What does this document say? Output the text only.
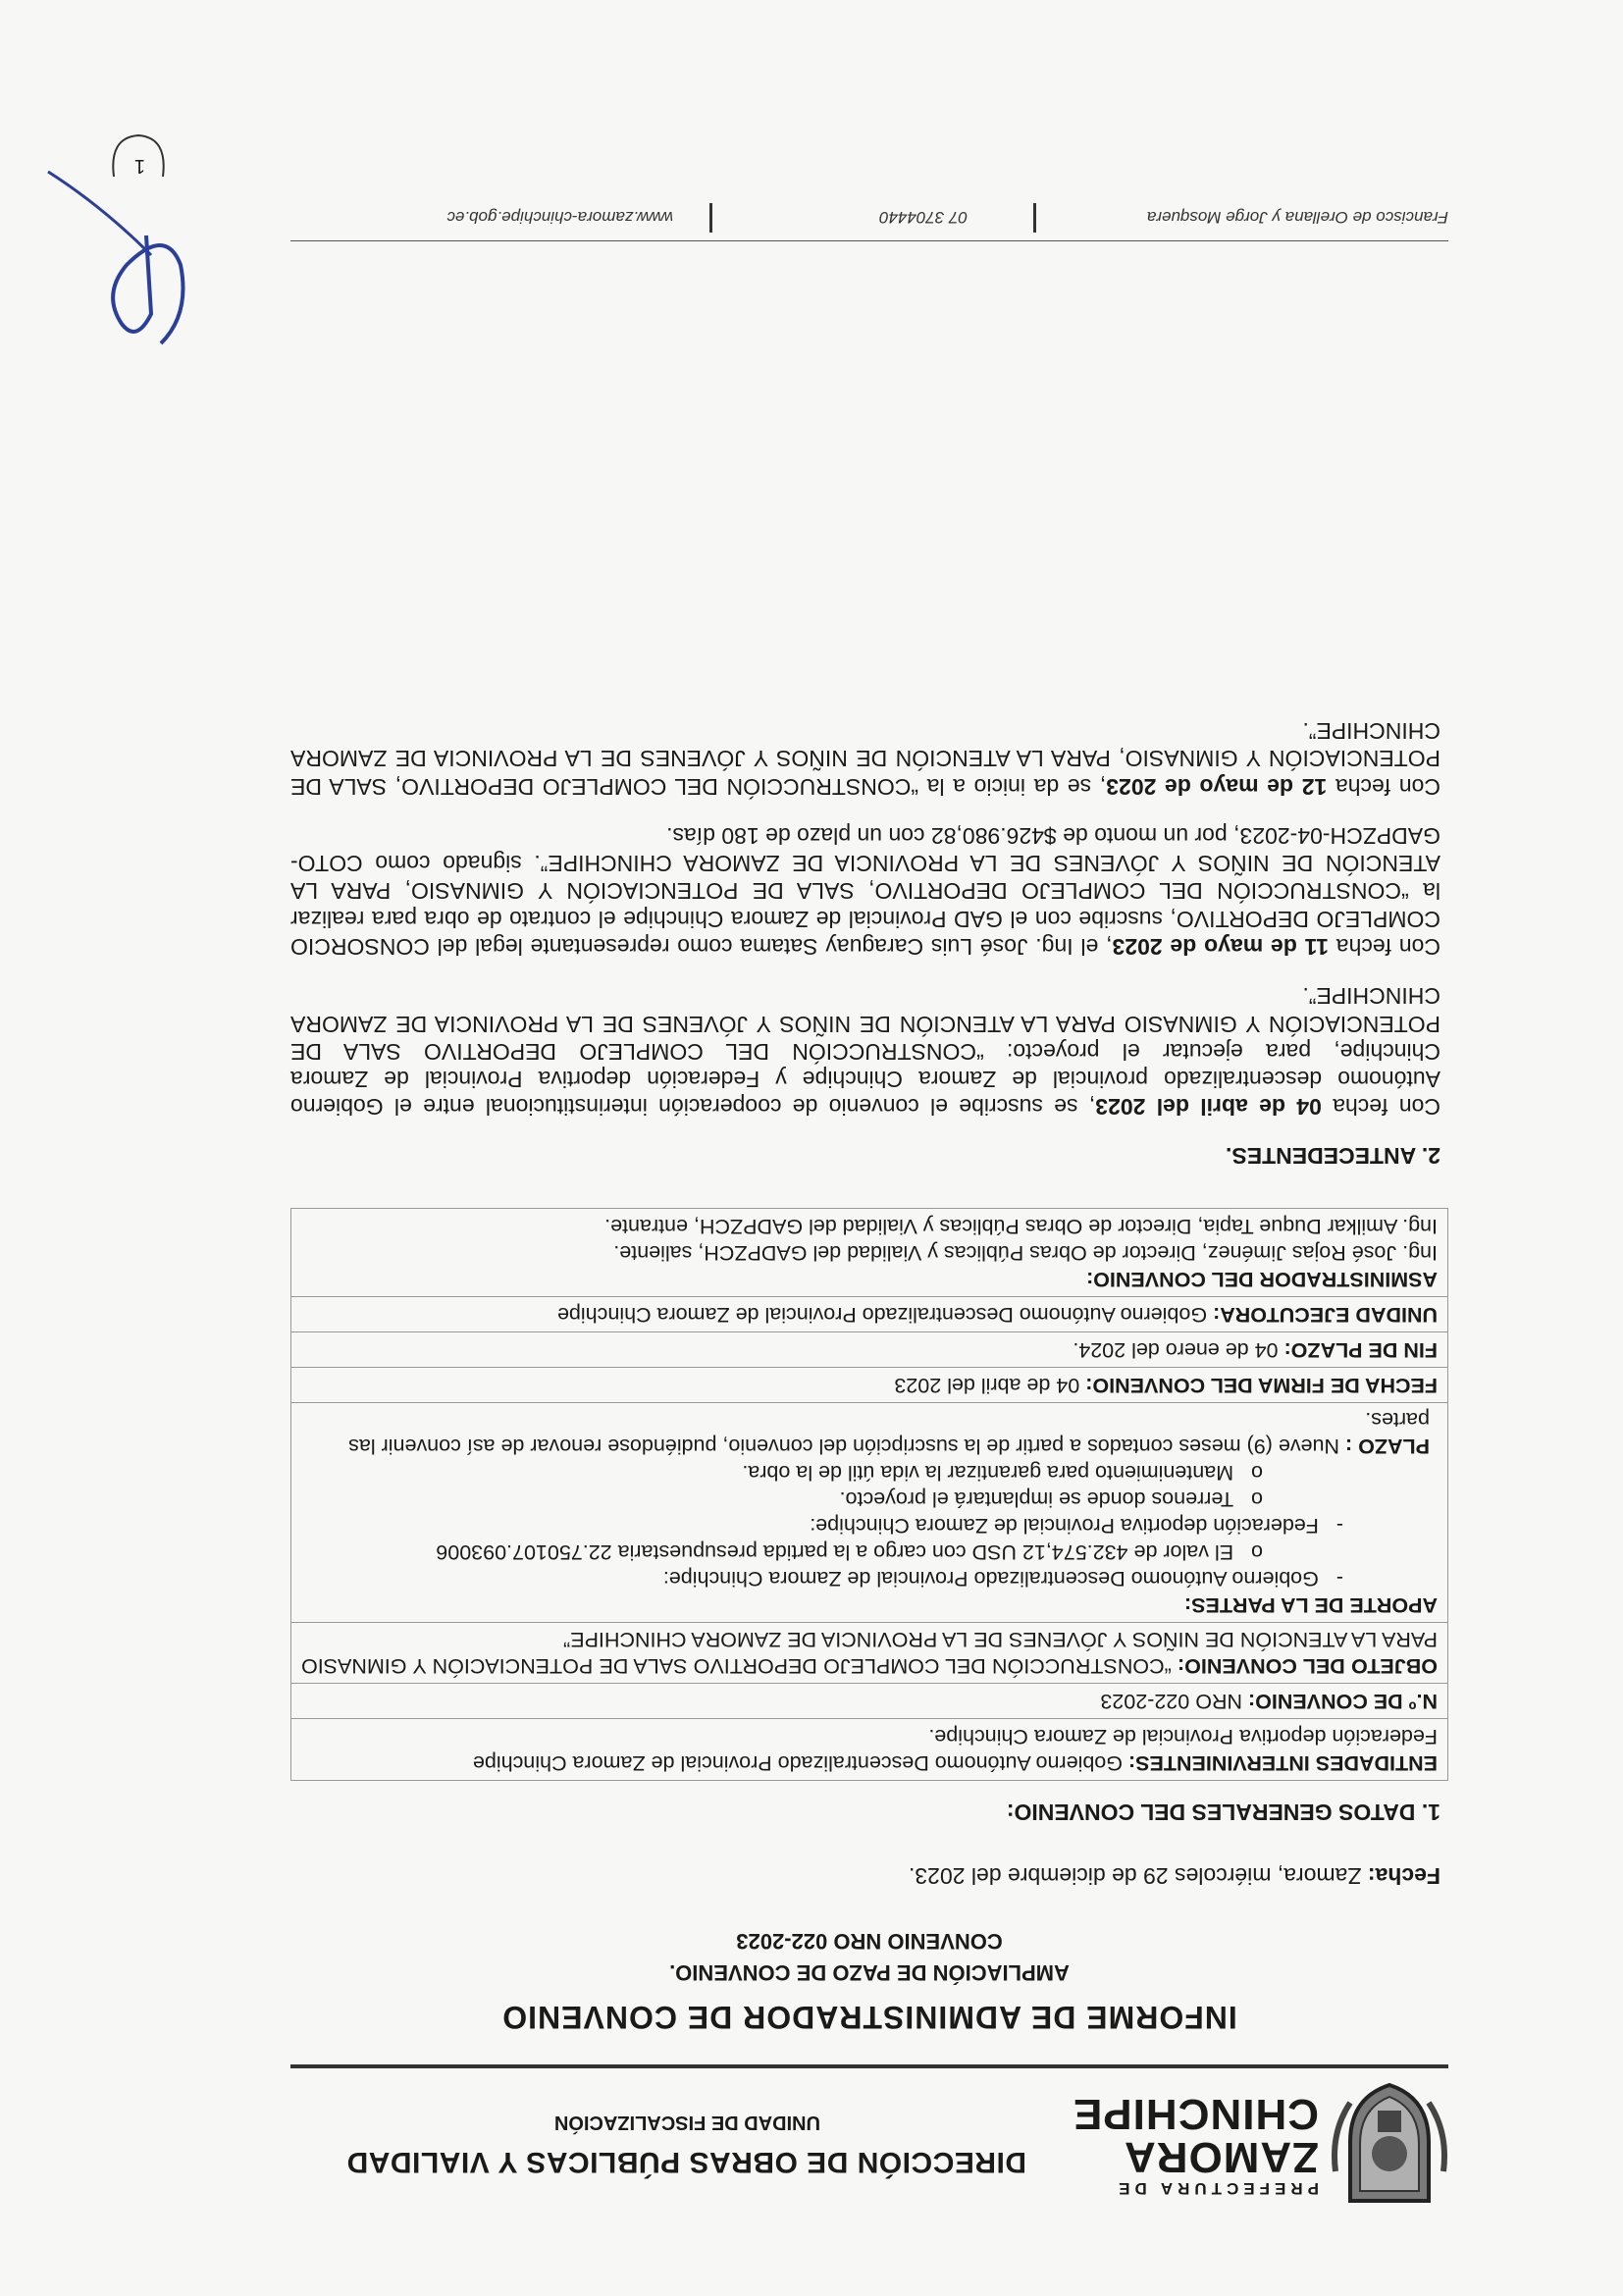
PREFECTURA DE
ZAMORA
CHINCHIPE
DIRECCIÓN DE OBRAS PÚBLICAS Y VIALIDAD
UNIDAD DE FISCALIZACIÓN
INFORME DE ADMINISTRADOR DE CONVENIO
AMPLIACIÓN DE PAZO DE CONVENIO.
CONVENIO NRO 022-2023
Fecha: Zamora, miércoles 29 de diciembre del 2023.
1. DATOS GENERALES DEL CONVENIO:
ENTIDADES INTERVINIENTES: Gobierno Autónomo Descentralizado Provincial de Zamora Chinchipe
Federación deportiva Provincial de Zamora Chinchipe.
N.º DE CONVENIO: NRO 022-2023
OBJETO DEL CONVENIO: “CONSTRUCCIÓN DEL COMPLEJO DEPORTIVO SALA DE POTENCIACIÓN Y GIMNASIO PARA LA ATENCIÓN DE NIÑOS Y JÓVENES DE LA PROVINCIA DE ZAMORA CHINCHIPE”
APORTE DE LA PARTES:
-   Gobierno Autónomo Descentralizado Provincial de Zamora Chinchipe:
o   El valor de 432.574,12 USD con cargo a la partida presupuestaria 22.750107.093006
-   Federación deportiva Provincial de Zamora Chinchipe:
o   Terrenos donde se implantará el proyecto.
o   Mantenimiento para garantizar la vida útil de la obra.
PLAZO : Nueve (9) meses contados a partir de la suscripción del convenio, pudiéndose renovar de así convenir las partes.

FECHA DE FIRMA DEL CONVENIO: 04 de abril del 2023
FIN DE PLAZO: 04 de enero del 2024.
UNIDAD EJECUTORA: Gobierno Autónomo Descentralizado Provincial de Zamora Chinchipe
ASMINISTRADOR DEL CONVENIO:
Ing. José Rojas Jiménez, Director de Obras Públicas y Vialidad del GADPZCH, saliente.
Ing. Amilkar Duque Tapia, Director de Obras Públicas y Vialidad del GADPZCH, entrante.
2. ANTECEDENTES.

Con fecha 04 de abril del 2023, se suscribe el convenio de cooperación interinstitucional entre el Gobierno Autónomo descentralizado provincial de Zamora Chinchipe y Federación deportiva Provincial de Zamora Chinchipe, para ejecutar el proyecto: “CONSTRUCCIÓN DEL COMPLEJO DEPORTIVO SALA DE POTENCIACIÓN Y GIMNASIO PARA LA ATENCIÓN DE NIÑOS Y JÓVENES DE LA PROVINCIA DE ZAMORA CHINCHIPE”.

Con fecha 11 de mayo de 2023, el Ing. José Luis Caraguay Satama como representante legal del CONSORCIO COMPLEJO DEPORTIVO, suscribe con el GAD Provincial de Zamora Chinchipe el contrato de obra para realizar la “CONSTRUCCIÓN DEL COMPLEJO DEPORTIVO, SALA DE POTENCIACIÓN Y GIMNASIO, PARA LA ATENCIÓN DE NIÑOS Y JÓVENES DE LA PROVINCIA DE ZAMORA CHINCHIPE”. signado como COTO-GADPZCH-04-2023, por un monto de $426.980,82 con un plazo de 180 días.

Con fecha 12 de mayo de 2023, se da inicio a la “CONSTRUCCIÓN DEL COMPLEJO DEPORTIVO, SALA DE POTENCIACIÓN Y GIMNASIO, PARA LA ATENCIÓN DE NIÑOS Y JÓVENES DE LA PROVINCIA DE ZAMORA CHINCHIPE”.

Francisco de Orellana y Jorge Mosquera
07 3704440
www.zamora-chinchipe.gob.ec
1
